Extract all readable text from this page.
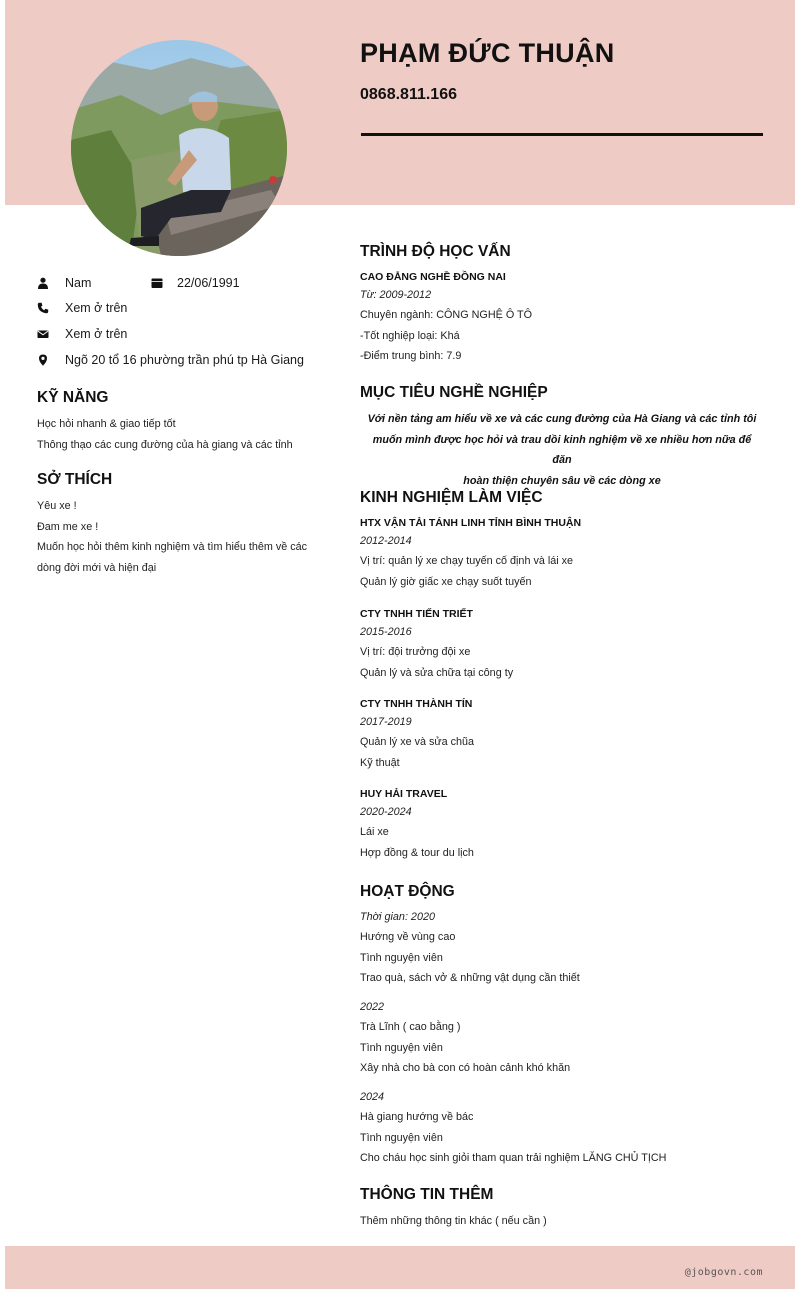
PHẠM ĐỨC THUẬN
0868.811.166
Nam	22/06/1991
Xem ở trên
Xem ở trên
Ngõ 20 tổ 16 phường trần phú tp Hà Giang
KỸ NĂNG
Học hỏi nhanh & giao tiếp tốt
Thông thạo các cung đường của hà giang và các tỉnh
SỞ THÍCH
Yêu xe !
Đam me xe !
Muốn học hỏi thêm kinh nghiệm và tìm hiểu thêm về các
dòng đời mới và hiện đại
TRÌNH ĐỘ HỌC VẤN
CAO ĐẲNG NGHỀ ĐỒNG NAI
Từ: 2009-2012
Chuyên ngành: CÔNG NGHỆ Ô TÔ
-Tốt nghiệp loại: Khá
-Điểm trung bình: 7.9
MỤC TIÊU NGHỀ NGHIỆP
Với nền tảng am hiểu về xe và các cung đường của Hà Giang và các tỉnh tôi
muốn mình được học hỏi và trau dồi kinh nghiệm về xe nhiều hơn nữa để đăn
hoàn thiện chuyên sâu về các dòng xe
KINH NGHIỆM LÀM VIỆC
HTX VẬN TẢI TÁNH LINH TỈNH BÌNH THUẬN
2012-2014
Vị trí: quản lý xe chạy tuyến cố định và lái xe
Quản lý giờ giấc xe chạy suốt tuyến
CTY TNHH TIẾN TRIẾT
2015-2016
Vị trí: đội trưởng đội xe
Quản lý và sửa chữa tại công ty
CTY TNHH THÀNH TÍN
2017-2019
Quản lý xe và sửa chũa
Kỹ thuật
HUY HẢI TRAVEL
2020-2024
Lái xe
Hợp đồng & tour du lịch
HOẠT ĐỘNG
Thời gian: 2020
Hướng về vùng cao
Tình nguyện viên
Trao quà, sách vở & những vật dụng cần thiết
2022
Trà Lĩnh ( cao bằng )
Tình nguyện viên
Xây nhà cho bà con có hoàn cảnh khó khăn
2024
Hà giang hướng về bác
Tình nguyện viên
Cho cháu học sinh giỏi tham quan trải nghiệm LĂNG CHỦ TỊCH
THÔNG TIN THÊM
Thêm những thông tin khác ( nếu cần )
@jobgovn.com
